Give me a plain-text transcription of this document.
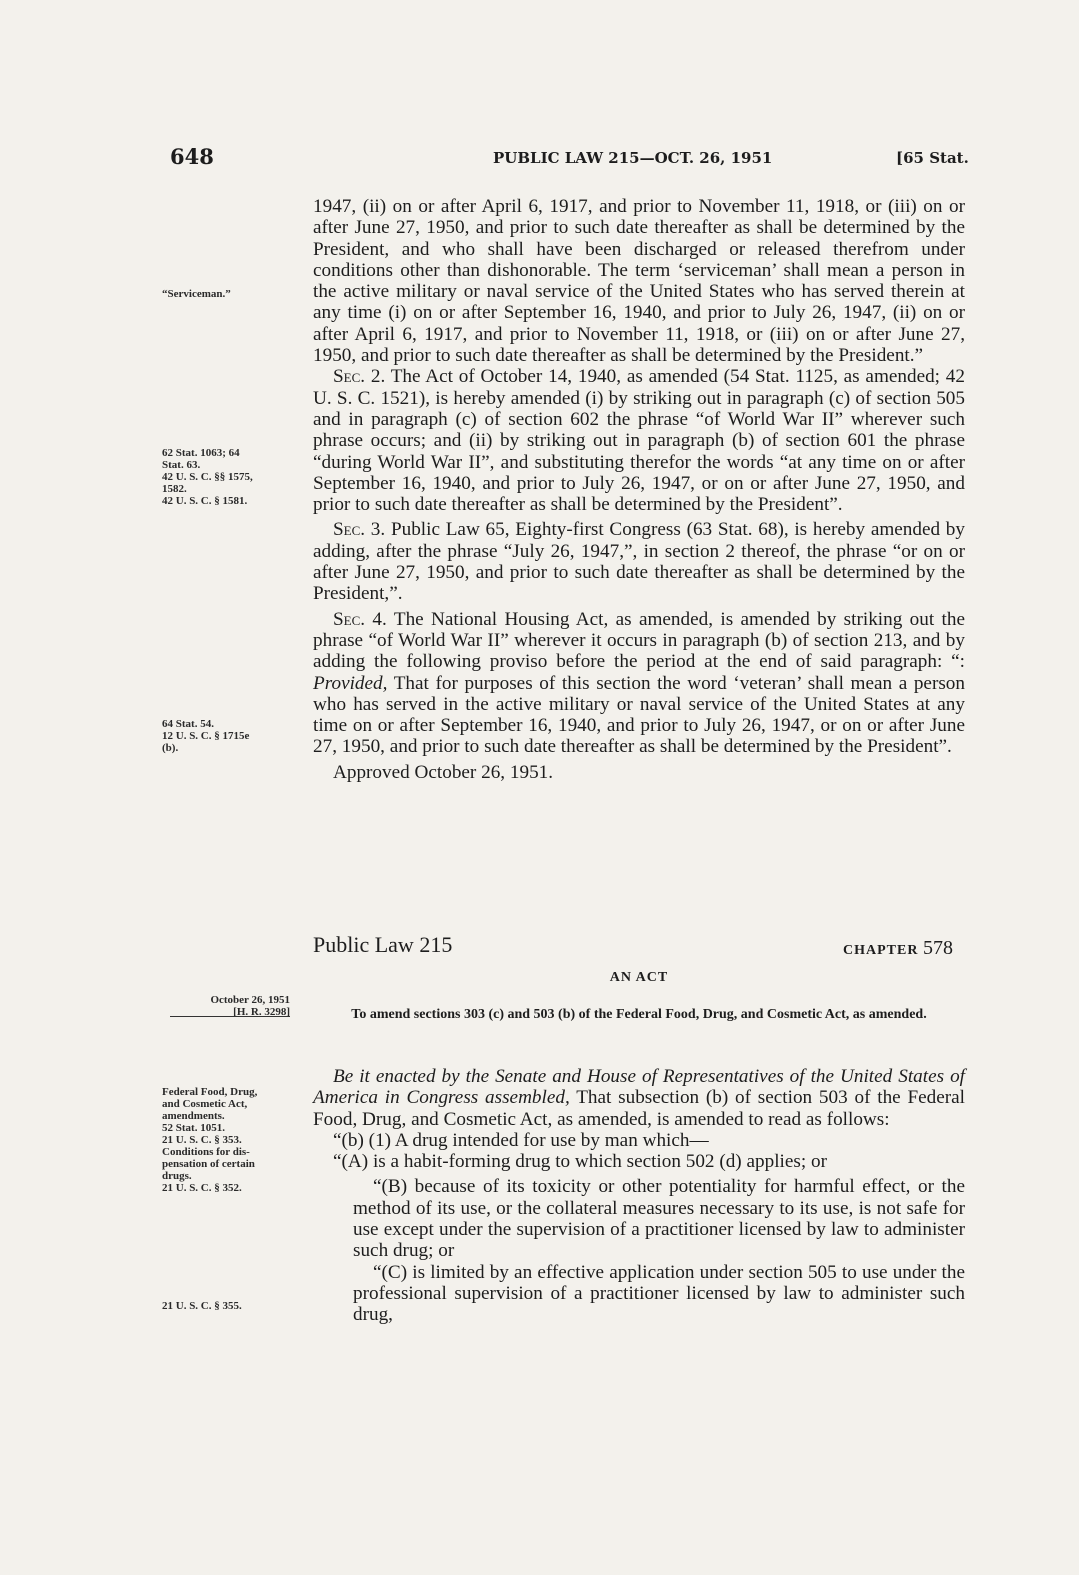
648	PUBLIC LAW 215—OCT. 26, 1951	[65 Stat.

1947, (ii) on or after April 6, 1917, and prior to November 11, 1918, or (iii) on or after June 27, 1950, and prior to such date thereafter as shall be determined by the President, and who shall have been discharged or released therefrom under conditions other than dishonorable. The term ‘serviceman’ shall mean a person in the active military or naval service of the United States who has served therein at any time (i) on or after September 16, 1940, and prior to July 26, 1947, (ii) on or after April 6, 1917, and prior to November 11, 1918, or (iii) on or after June 27, 1950, and prior to such date thereafter as shall be determined by the President.”

Sec. 2. The Act of October 14, 1940, as amended (54 Stat. 1125, as amended; 42 U. S. C. 1521), is hereby amended (i) by striking out in paragraph (c) of section 505 and in paragraph (c) of section 602 the phrase “of World War II” wherever such phrase occurs; and (ii) by striking out in paragraph (b) of section 601 the phrase “during World War II”, and substituting therefor the words “at any time on or after September 16, 1940, and prior to July 26, 1947, or on or after June 27, 1950, and prior to such date thereafter as shall be determined by the President”.

Sec. 3. Public Law 65, Eighty-first Congress (63 Stat. 68), is hereby amended by adding, after the phrase “July 26, 1947,”, in section 2 thereof, the phrase “or on or after June 27, 1950, and prior to such date thereafter as shall be determined by the President,”.

Sec. 4. The National Housing Act, as amended, is amended by striking out the phrase “of World War II” wherever it occurs in paragraph (b) of section 213, and by adding the following proviso before the period at the end of said paragraph: “: Provided, That for purposes of this section the word ‘veteran’ shall mean a person who has served in the active military or naval service of the United States at any time on or after September 16, 1940, and prior to July 26, 1947, or on or after June 27, 1950, and prior to such date thereafter as shall be determined by the President”.

Approved October 26, 1951.

“Serviceman.”
62 Stat. 1063; 64
Stat. 63.
42 U. S. C. §§ 1575,
1582.
42 U. S. C. § 1581.
64 Stat. 54.
12 U. S. C. § 1715e
(b).
Public Law 215	CHAPTER 578
AN ACT
October 26, 1951
[H. R. 3298]	To amend sections 303 (c) and 503 (b) of the Federal Food, Drug, and Cosmetic Act, as amended.

Be it enacted by the Senate and House of Representatives of the United States of America in Congress assembled, That subsection (b) of section 503 of the Federal Food, Drug, and Cosmetic Act, as amended, is amended to read as follows:

“(b) (1) A drug intended for use by man which—

“(A) is a habit-forming drug to which section 502 (d) applies; or

“(B) because of its toxicity or other potentiality for harmful effect, or the method of its use, or the collateral measures necessary to its use, is not safe for use except under the supervision of a practitioner licensed by law to administer such drug; or

“(C) is limited by an effective application under section 505 to use under the professional supervision of a practitioner licensed by law to administer such drug,

Federal Food, Drug,
and Cosmetic Act,
amendments.
52 Stat. 1051.
21 U. S. C. § 353.
Conditions for dis-
pensation of certain
drugs.
21 U. S. C. § 352.
21 U. S. C. § 355.
